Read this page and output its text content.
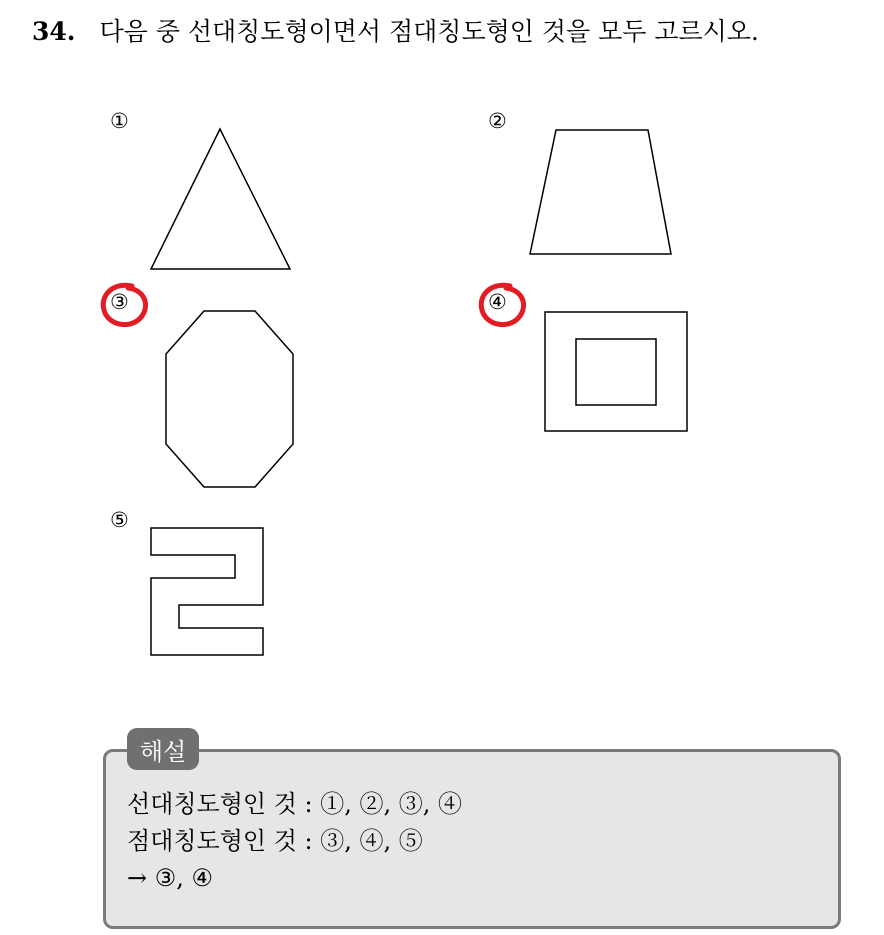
34. 다음 중 선대칭도형이면서 점대칭도형인 것을 모두 고르시오.
①	②
③	④
⑤
해설
선대칭도형인 것 : ①, ②, ③, ④
점대칭도형인 것 : ③, ④, ⑤
→ ③, ④
